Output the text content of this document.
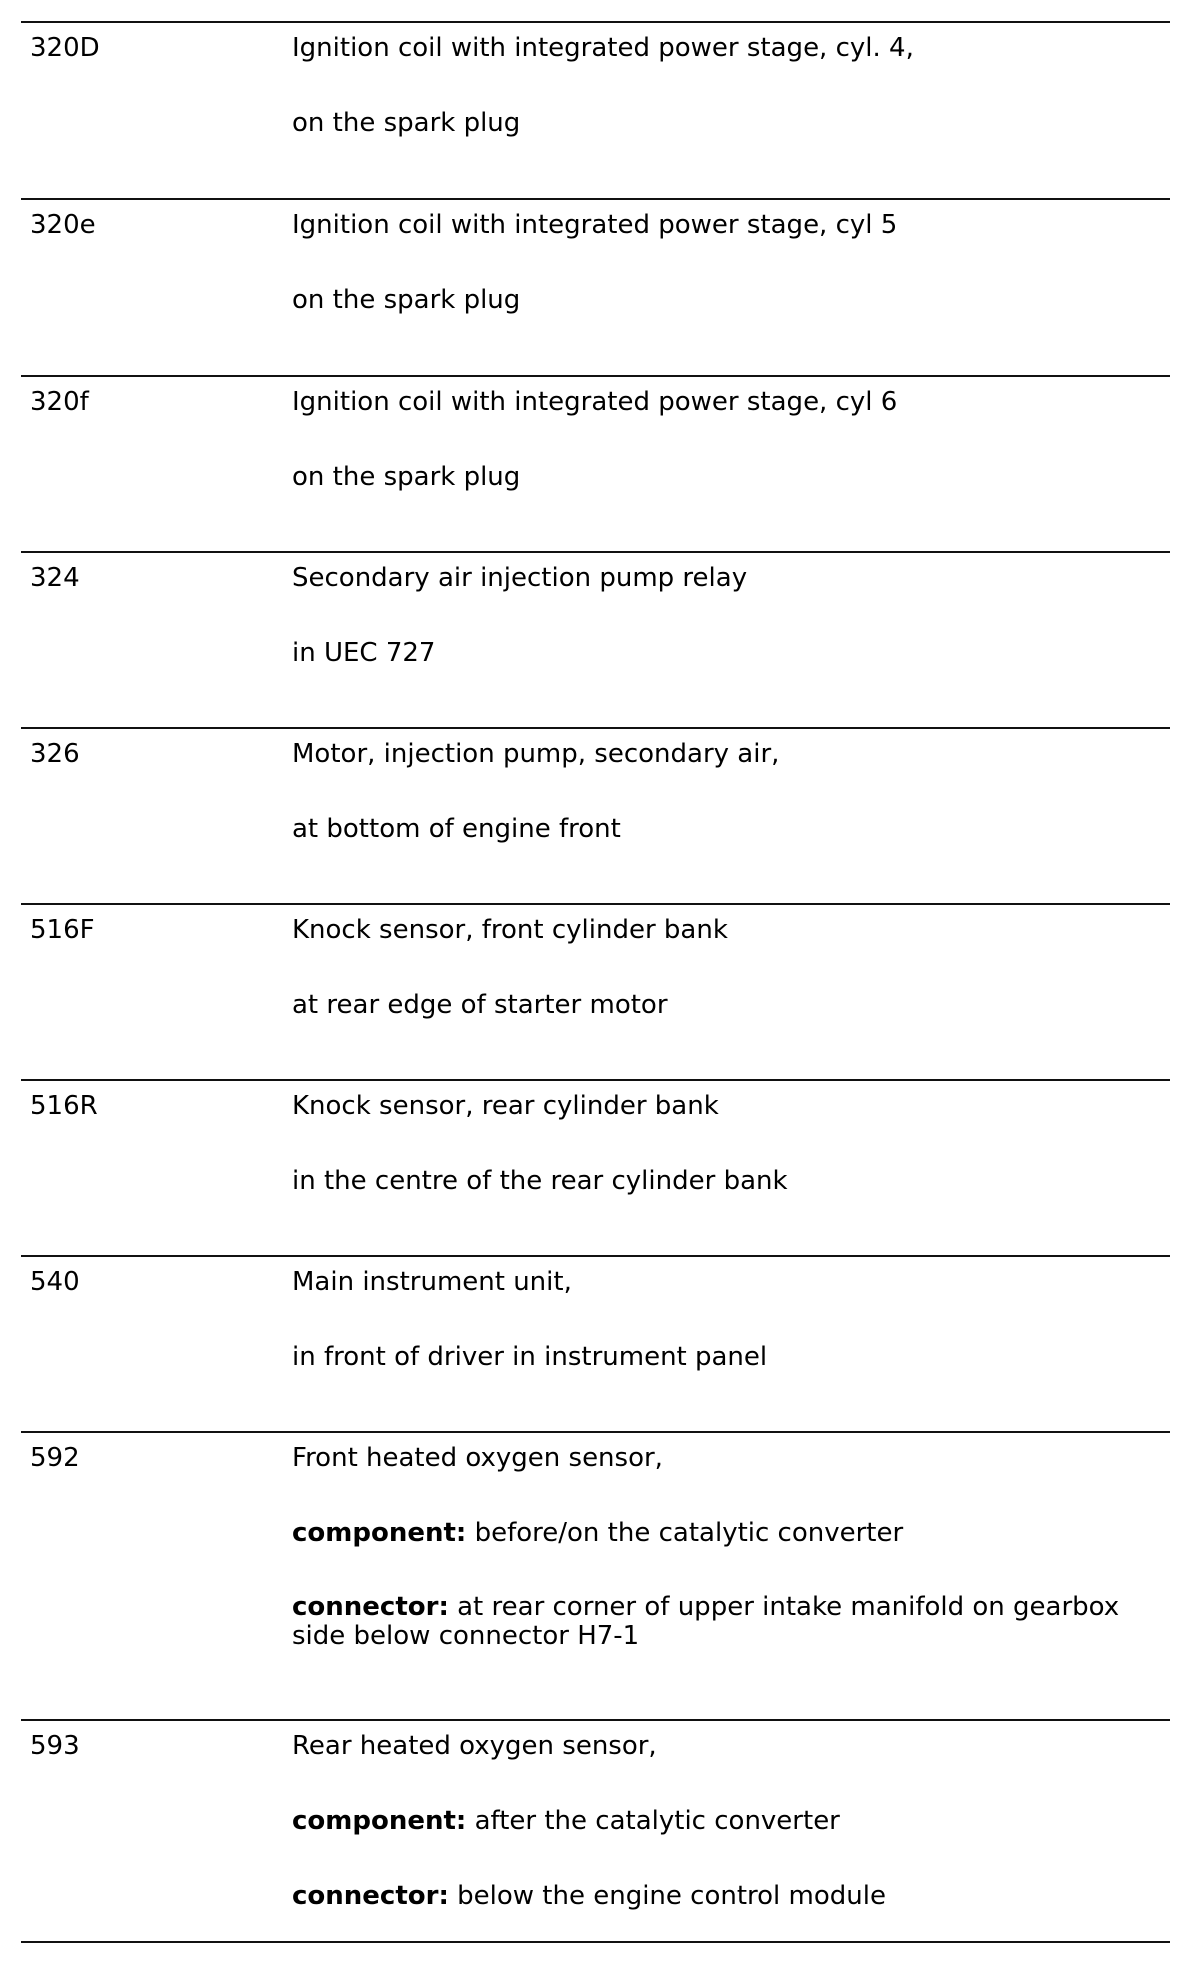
320D	Ignition coil with integrated power stage, cyl. 4,

on the spark plug

320e	Ignition coil with integrated power stage, cyl 5

on the spark plug

320f	Ignition coil with integrated power stage, cyl 6

on the spark plug

324	Secondary air injection pump relay

in UEC 727

326	Motor, injection pump, secondary air,

at bottom of engine front

516F	Knock sensor, front cylinder bank

at rear edge of starter motor

516R	Knock sensor, rear cylinder bank

in the centre of the rear cylinder bank

540	Main instrument unit,

in front of driver in instrument panel

592	Front heated oxygen sensor,

component: before/on the catalytic converter

connector: at rear corner of upper intake manifold on gearbox side below connector H7-1

593	Rear heated oxygen sensor,

component: after the catalytic converter

connector: below the engine control module
